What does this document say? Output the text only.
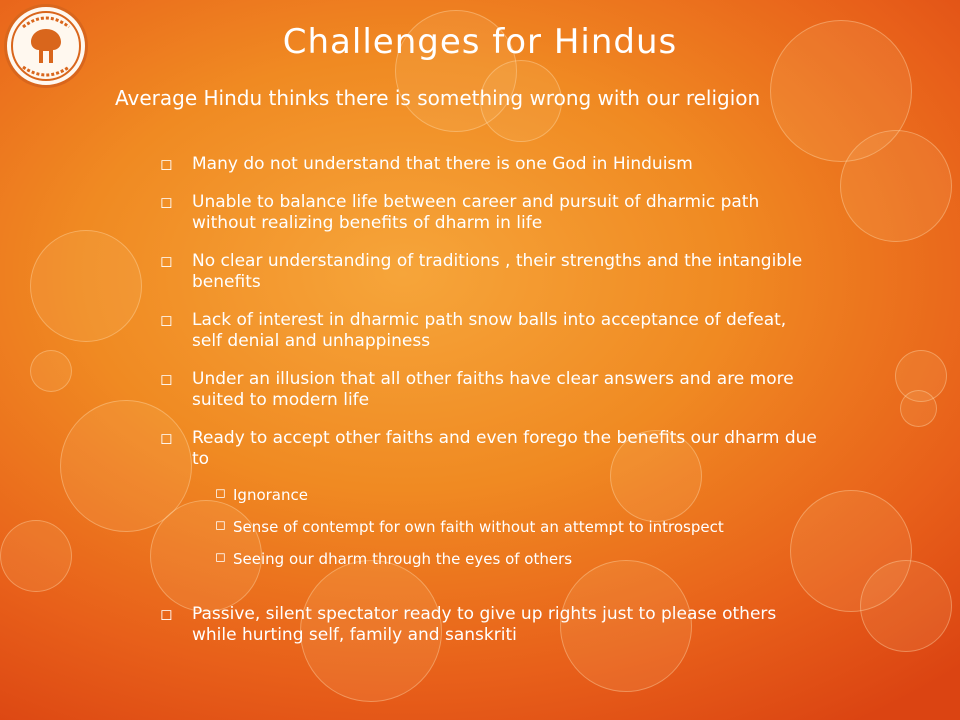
Challenges for Hindus

Average Hindu thinks there is something wrong with our religion

◻ Many do not understand that there is one God in Hinduism
◻ Unable to balance life between career and pursuit of dharmic path without realizing benefits of dharm in life
◻ No clear understanding of traditions , their strengths and the intangible benefits
◻ Lack of interest in dharmic path snow balls into acceptance of defeat, self denial and unhappiness
◻ Under an illusion that all other faiths have clear answers and are more suited to modern life
◻ Ready to accept other faiths and even forego the benefits our dharm due to
◻ Ignorance
◻ Sense of contempt for own faith without an attempt to introspect
◻ Seeing our dharm through the eyes of others
◻ Passive, silent spectator ready to give up rights just to please others while hurting self, family and sanskriti
